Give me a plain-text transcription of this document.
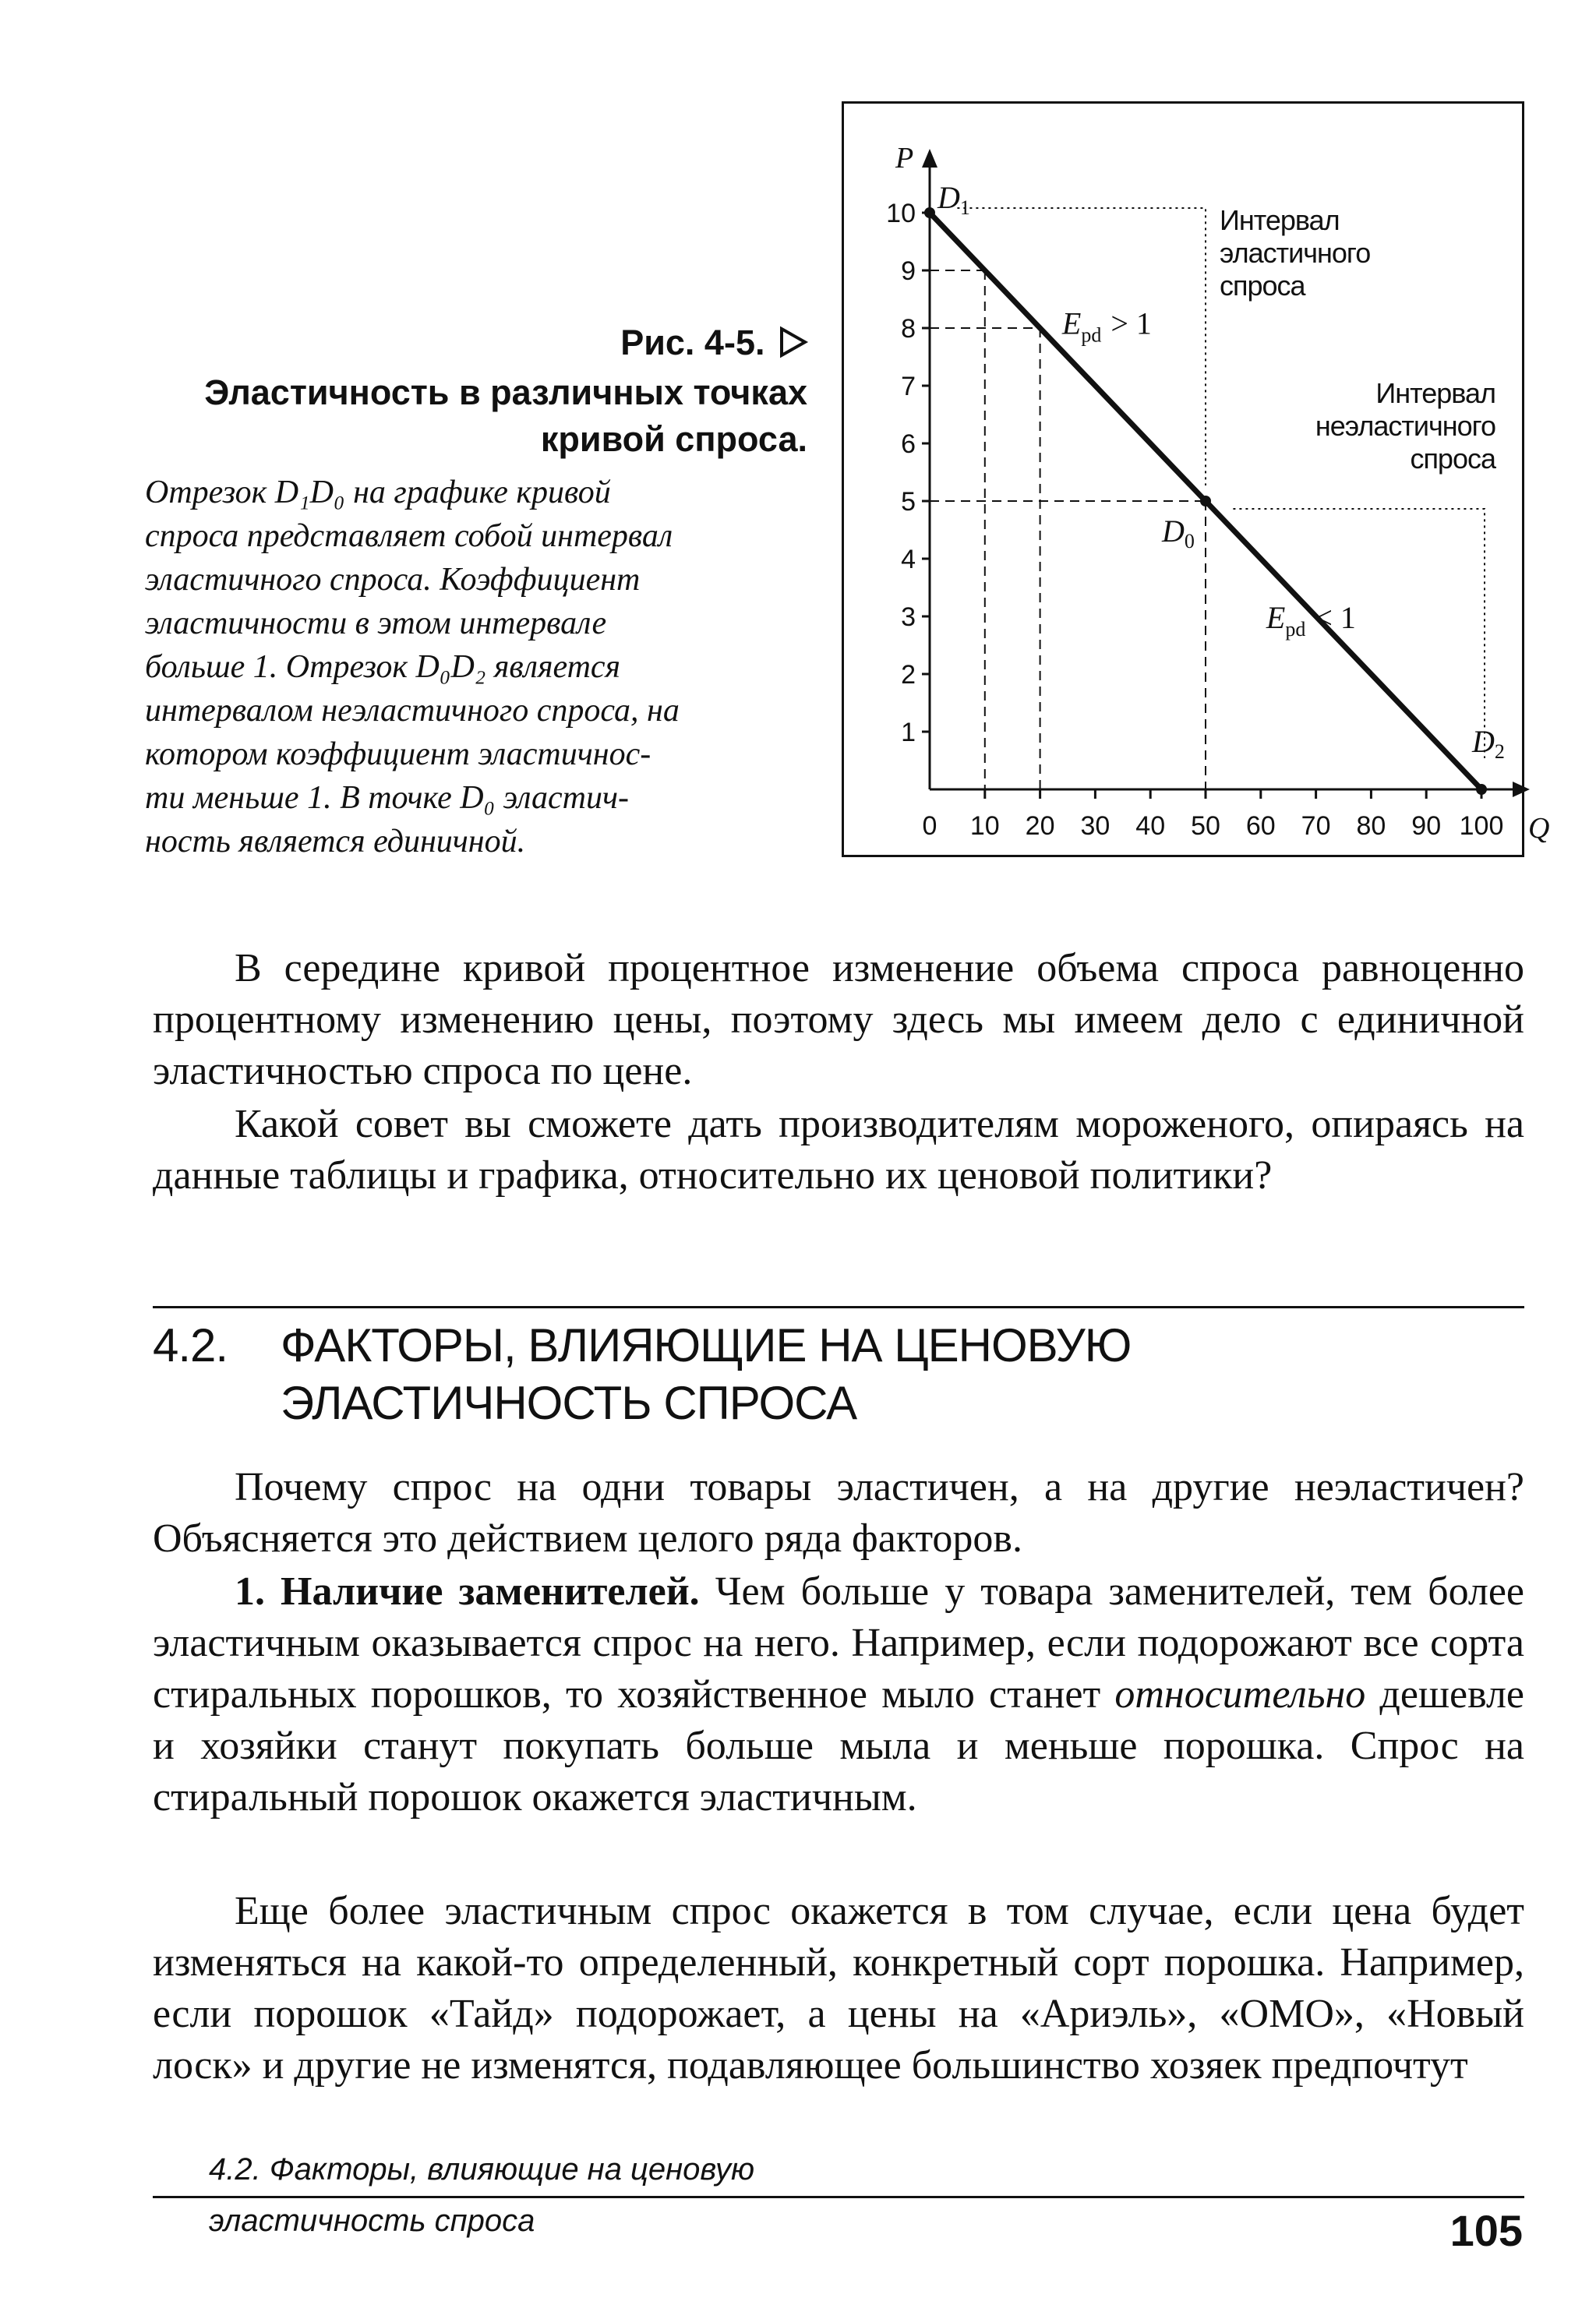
Рис. 4-5.
Эластичность в различных точках
кривой спроса.
Отрезок D₁D₀ на графике кривой
спроса представляет собой интервал
эластичного спроса. Коэффициент
эластичности в этом интервале
больше 1. Отрезок D₀D₂ является
интервалом неэластичного спроса, на
котором коэффициент эластичнос-
ти меньше 1. В точке D₀ эластич-
ность является единичной.
P
Q
1
2
3
4
5
6
7
8
9
10
0 10 20 30 40 50 60 70 80 90 100
$D_1$
$D_0$
$D_2$
$E_{pd} > 1$
$E_{pd} < 1$
Интервал
эластичного
спроса
Интервал
неэластичного
спроса

В середине кривой процентное изменение объема спроса равноценно процентному изменению цены, поэтому здесь мы имеем дело с единичной эластичностью спроса по цене.

Какой совет вы сможете дать производителям мороженого, опираясь на данные таблицы и графика, относительно их ценовой политики?

4.2. ФАКТОРЫ, ВЛИЯЮЩИЕ НА ЦЕНОВУЮ
ЭЛАСТИЧНОСТЬ СПРОСА

Почему спрос на одни товары эластичен, а на другие неэластичен? Объясняется это действием целого ряда факторов.

1. Наличие заменителей. Чем больше у товара заменителей, тем более эластичным оказывается спрос на него. Например, если подорожают все сорта стиральных порошков, то хозяйственное мыло станет относительно дешевле и хозяйки станут покупать больше мыла и меньше порошка. Спрос на стиральный порошок окажется эластичным.

Еще более эластичным спрос окажется в том случае, если цена будет изменяться на какой-то определенный, конкретный сорт порошка. Например, если порошок «Тайд» подорожает, а цены на «Ариэль», «ОМО», «Новый лоск» и другие не изменятся, подавляющее большинство хозяек предпочтут

4.2. Факторы, влияющие на ценовую
эластичность спроса	105
